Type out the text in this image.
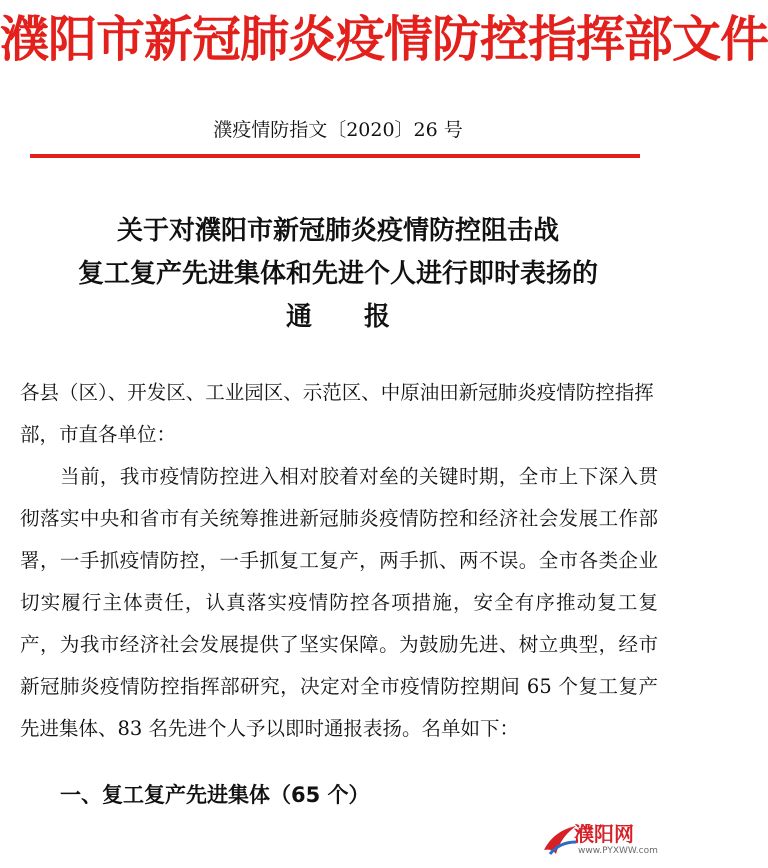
濮阳市新冠肺炎疫情防控指挥部文件
濮疫情防指文〔2020〕26 号
关于对濮阳市新冠肺炎疫情防控阻击战
复工复产先进集体和先进个人进行即时表扬的
通报

各县（区）、开发区、工业园区、示范区、中原油田新冠肺炎疫情防控指挥部，市直各单位：

当前，我市疫情防控进入相对胶着对垒的关键时期，全市上下深入贯彻落实中央和省市有关统筹推进新冠肺炎疫情防控和经济社会发展工作部署，一手抓疫情防控，一手抓复工复产，两手抓、两不误。全市各类企业切实履行主体责任，认真落实疫情防控各项措施，安全有序推动复工复产，为我市经济社会发展提供了坚实保障。为鼓励先进、树立典型，经市新冠肺炎疫情防控指挥部研究，决定对全市疫情防控期间 65 个复工复产先进集体、83 名先进个人予以即时通报表扬。名单如下：

一、复工复产先进集体（65 个）
濮阳网
www.PYXWW.com
